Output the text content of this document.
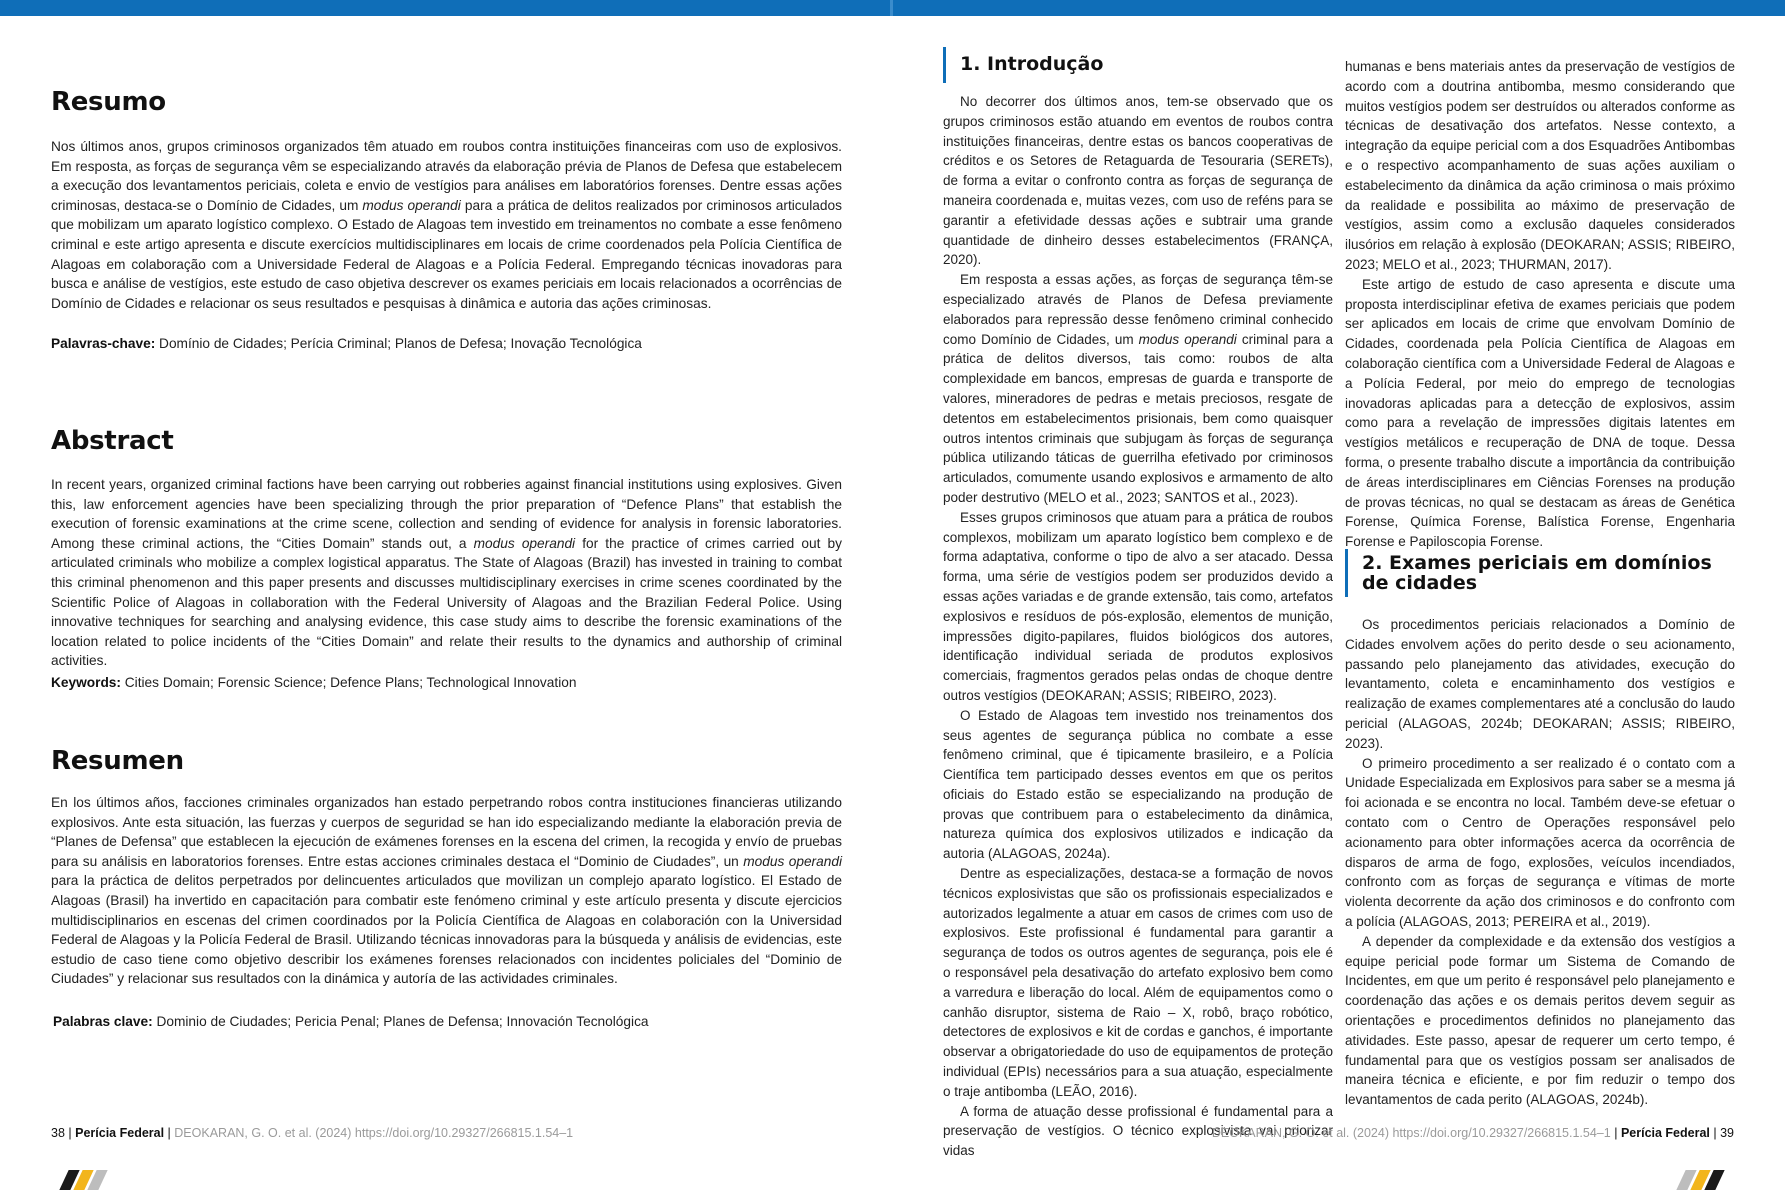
Resumo

Nos últimos anos, grupos criminosos organizados têm atuado em roubos contra instituições financeiras com uso de explosivos. Em resposta, as forças de segurança vêm se especializando através da elaboração prévia de Planos de Defesa que estabelecem a execução dos levantamentos periciais, coleta e envio de vestígios para análises em laboratórios forenses. Dentre essas ações criminosas, destaca-se o Domínio de Cidades, um modus operandi para a prática de delitos realizados por criminosos articulados que mobilizam um aparato logístico complexo. O Estado de Alagoas tem investido em treinamentos no combate a esse fenômeno criminal e este artigo apresenta e discute exercícios multidisciplinares em locais de crime coordenados pela Polícia Científica de Alagoas em colaboração com a Universidade Federal de Alagoas e a Polícia Federal. Empregando técnicas inovadoras para busca e análise de vestígios, este estudo de caso objetiva descrever os exames periciais em locais relacionados a ocorrências de Domínio de Cidades e relacionar os seus resultados e pesquisas à dinâmica e autoria das ações criminosas.

Palavras-chave: Domínio de Cidades; Perícia Criminal; Planos de Defesa; Inovação Tecnológica

Abstract

In recent years, organized criminal factions have been carrying out robberies against financial institutions using explosives. Given this, law enforcement agencies have been specializing through the prior preparation of “Defence Plans” that establish the execution of forensic examinations at the crime scene, collection and sending of evidence for analysis in forensic laboratories. Among these criminal actions, the “Cities Domain” stands out, a modus operandi for the practice of crimes carried out by articulated criminals who mobilize a complex logistical apparatus. The State of Alagoas (Brazil) has invested in training to combat this criminal phenomenon and this paper presents and discusses multidisciplinary exercises in crime scenes coordinated by the Scientific Police of Alagoas in collaboration with the Federal University of Alagoas and the Brazilian Federal Police. Using innovative techniques for searching and analysing evidence, this case study aims to describe the forensic examinations of the location related to police incidents of the “Cities Domain” and relate their results to the dynamics and authorship of criminal activities.

Keywords: Cities Domain; Forensic Science; Defence Plans; Technological Innovation

Resumen

En los últimos años, facciones criminales organizados han estado perpetrando robos contra instituciones financieras utilizando explosivos. Ante esta situación, las fuerzas y cuerpos de seguridad se han ido especializando mediante la elaboración previa de “Planes de Defensa” que establecen la ejecución de exámenes forenses en la escena del crimen, la recogida y envío de pruebas para su análisis en laboratorios forenses. Entre estas acciones criminales destaca el “Dominio de Ciudades”, un modus operandi para la práctica de delitos perpetrados por delincuentes articulados que movilizan un complejo aparato logístico. El Estado de Alagoas (Brasil) ha invertido en capacitación para combatir este fenómeno criminal y este artículo presenta y discute ejercicios multidisciplinarios en escenas del crimen coordinados por la Policía Científica de Alagoas en colaboración con la Universidad Federal de Alagoas y la Policía Federal de Brasil. Utilizando técnicas innovadoras para la búsqueda y análisis de evidencias, este estudio de caso tiene como objetivo describir los exámenes forenses relacionados con incidentes policiales del “Dominio de Ciudades” y relacionar sus resultados con la dinámica y autoría de las actividades criminales.

Palabras clave: Dominio de Ciudades; Pericia Penal; Planes de Defensa; Innovación Tecnológica

38 | Perícia Federal | DEOKARAN, G. O. et al. (2024) https://doi.org/10.29327/266815.1.54–1
1. Introdução

No decorrer dos últimos anos, tem-se observado que os grupos criminosos estão atuando em eventos de roubos contra instituições financeiras, dentre estas os bancos cooperativas de créditos e os Setores de Retaguarda de Tesouraria (SERETs), de forma a evitar o confronto contra as forças de segurança de maneira coordenada e, muitas vezes, com uso de reféns para se garantir a efetividade dessas ações e subtrair uma grande quantidade de dinheiro desses estabelecimentos (FRANÇA, 2020).

Em resposta a essas ações, as forças de segurança têm-se especializado através de Planos de Defesa previamente elaborados para repressão desse fenômeno criminal conhecido como Domínio de Cidades, um modus operandi criminal para a prática de delitos diversos, tais como: roubos de alta complexidade em bancos, empresas de guarda e transporte de valores, mineradores de pedras e metais preciosos, resgate de detentos em estabelecimentos prisionais, bem como quaisquer outros intentos criminais que subjugam às forças de segurança pública utilizando táticas de guerrilha efetivado por criminosos articulados, comumente usando explosivos e armamento de alto poder destrutivo (MELO et al., 2023; SANTOS et al., 2023).

Esses grupos criminosos que atuam para a prática de roubos complexos, mobilizam um aparato logístico bem complexo e de forma adaptativa, conforme o tipo de alvo a ser atacado. Dessa forma, uma série de vestígios podem ser produzidos devido a essas ações variadas e de grande extensão, tais como, artefatos explosivos e resíduos de pós-explosão, elementos de munição, impressões digito-papilares, fluidos biológicos dos autores, identificação individual seriada de produtos explosivos comerciais, fragmentos gerados pelas ondas de choque dentre outros vestígios (DEOKARAN; ASSIS; RIBEIRO, 2023).

O Estado de Alagoas tem investido nos treinamentos dos seus agentes de segurança pública no combate a esse fenômeno criminal, que é tipicamente brasileiro, e a Polícia Científica tem participado desses eventos em que os peritos oficiais do Estado estão se especializando na produção de provas que contribuem para o estabelecimento da dinâmica, natureza química dos explosivos utilizados e indicação da autoria (ALAGOAS, 2024a).

Dentre as especializações, destaca-se a formação de novos técnicos explosivistas que são os profissionais especializados e autorizados legalmente a atuar em casos de crimes com uso de explosivos. Este profissional é fundamental para garantir a segurança de todos os outros agentes de segurança, pois ele é o responsável pela desativação do artefato explosivo bem como a varredura e liberação do local. Além de equipamentos como o canhão disruptor, sistema de Raio – X, robô, braço robótico, detectores de explosivos e kit de cordas e ganchos, é importante observar a obrigatoriedade do uso de equipamentos de proteção individual (EPIs) necessários para a sua atuação, especialmente o traje antibomba (LEÃO, 2016).

A forma de atuação desse profissional é fundamental para a preservação de vestígios. O técnico explosivista vai priorizar vidas

humanas e bens materiais antes da preservação de vestígios de acordo com a doutrina antibomba, mesmo considerando que muitos vestígios podem ser destruídos ou alterados conforme as técnicas de desativação dos artefatos. Nesse contexto, a integração da equipe pericial com a dos Esquadrões Antibombas e o respectivo acompanhamento de suas ações auxiliam o estabelecimento da dinâmica da ação criminosa o mais próximo da realidade e possibilita ao máximo de preservação de vestígios, assim como a exclusão daqueles considerados ilusórios em relação à explosão (DEOKARAN; ASSIS; RIBEIRO, 2023; MELO et al., 2023; THURMAN, 2017).

Este artigo de estudo de caso apresenta e discute uma proposta interdisciplinar efetiva de exames periciais que podem ser aplicados em locais de crime que envolvam Domínio de Cidades, coordenada pela Polícia Científica de Alagoas em colaboração científica com a Universidade Federal de Alagoas e a Polícia Federal, por meio do emprego de tecnologias inovadoras aplicadas para a detecção de explosivos, assim como para a revelação de impressões digitais latentes em vestígios metálicos e recuperação de DNA de toque. Dessa forma, o presente trabalho discute a importância da contribuição de áreas interdisciplinares em Ciências Forenses na produção de provas técnicas, no qual se destacam as áreas de Genética Forense, Química Forense, Balística Forense, Engenharia Forense e Papiloscopia Forense.

2. Exames periciais em domínios de cidades

Os procedimentos periciais relacionados a Domínio de Cidades envolvem ações do perito desde o seu acionamento, passando pelo planejamento das atividades, execução do levantamento, coleta e encaminhamento dos vestígios e realização de exames complementares até a conclusão do laudo pericial (ALAGOAS, 2024b; DEOKARAN; ASSIS; RIBEIRO, 2023).

O primeiro procedimento a ser realizado é o contato com a Unidade Especializada em Explosivos para saber se a mesma já foi acionada e se encontra no local. Também deve-se efetuar o contato com o Centro de Operações responsável pelo acionamento para obter informações acerca da ocorrência de disparos de arma de fogo, explosões, veículos incendiados, confronto com as forças de segurança e vítimas de morte violenta decorrente da ação dos criminosos e do confronto com a polícia (ALAGOAS, 2013; PEREIRA et al., 2019).

A depender da complexidade e da extensão dos vestígios a equipe pericial pode formar um Sistema de Comando de Incidentes, em que um perito é responsável pelo planejamento e coordenação das ações e os demais peritos devem seguir as orientações e procedimentos definidos no planejamento das atividades. Este passo, apesar de requerer um certo tempo, é fundamental para que os vestígios possam ser analisados de maneira técnica e eficiente, e por fim reduzir o tempo dos levantamentos de cada perito (ALAGOAS, 2024b).

DEOKARAN, G. O. et al. (2024) https://doi.org/10.29327/266815.1.54–1 | Perícia Federal | 39
